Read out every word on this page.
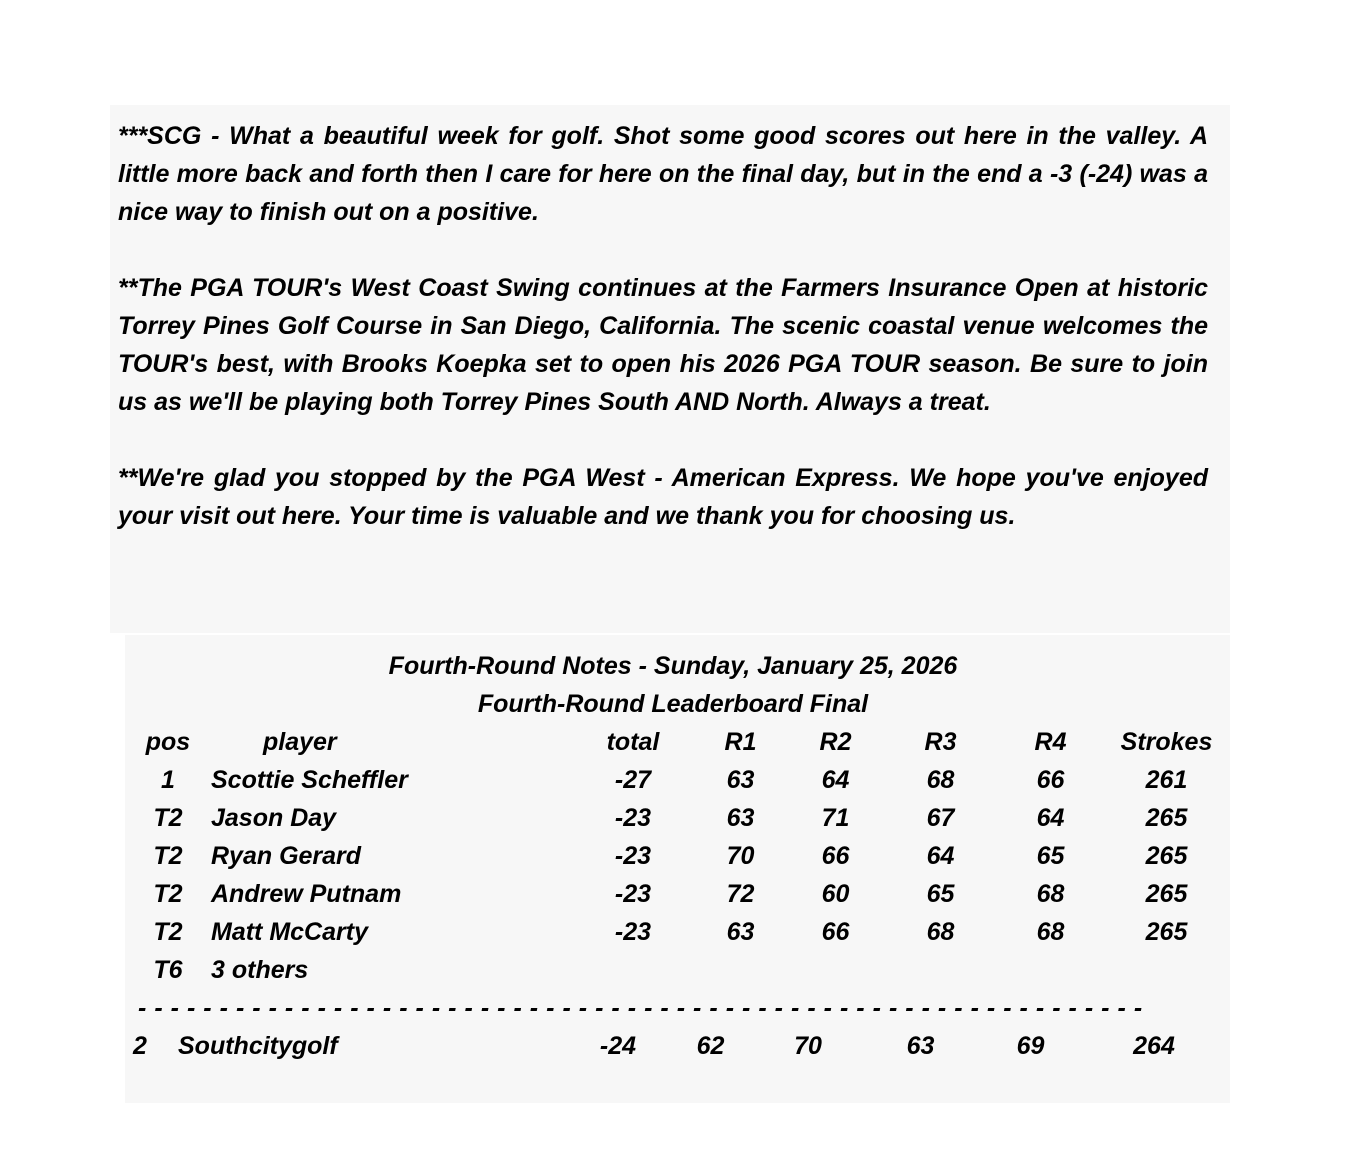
***SCG - What a beautiful week for golf. Shot some good scores out here in the valley. A little more back and forth then I care for here on the final day, but in the end a -3 (-24) was a nice way to finish out on a positive.

**The PGA TOUR's West Coast Swing continues at the Farmers Insurance Open at historic Torrey Pines Golf Course in San Diego, California. The scenic coastal venue welcomes the TOUR's best, with Brooks Koepka set to open his 2026 PGA TOUR season. Be sure to join us as we'll be playing both Torrey Pines South AND North. Always a treat.

**We're glad you stopped by the PGA West - American Express. We hope you've enjoyed your visit out here. Your time is valuable and we thank you for choosing us.

Fourth-Round Notes - Sunday, January 25, 2026
Fourth-Round Leaderboard Final
pos	player	total	R1	R2	R3	R4	Strokes
1	Scottie Scheffler	-27	63	64	68	66	261
T2	Jason Day	-23	63	71	67	64	265
T2	Ryan Gerard	-23	70	66	64	65	265
T2	Andrew Putnam	-23	72	60	65	68	265
T2	Matt McCarty	-23	63	66	68	68	265
T6	3 others						
--------------------------------------------------------------
2	Southcitygolf	-24	62	70	63	69	264
